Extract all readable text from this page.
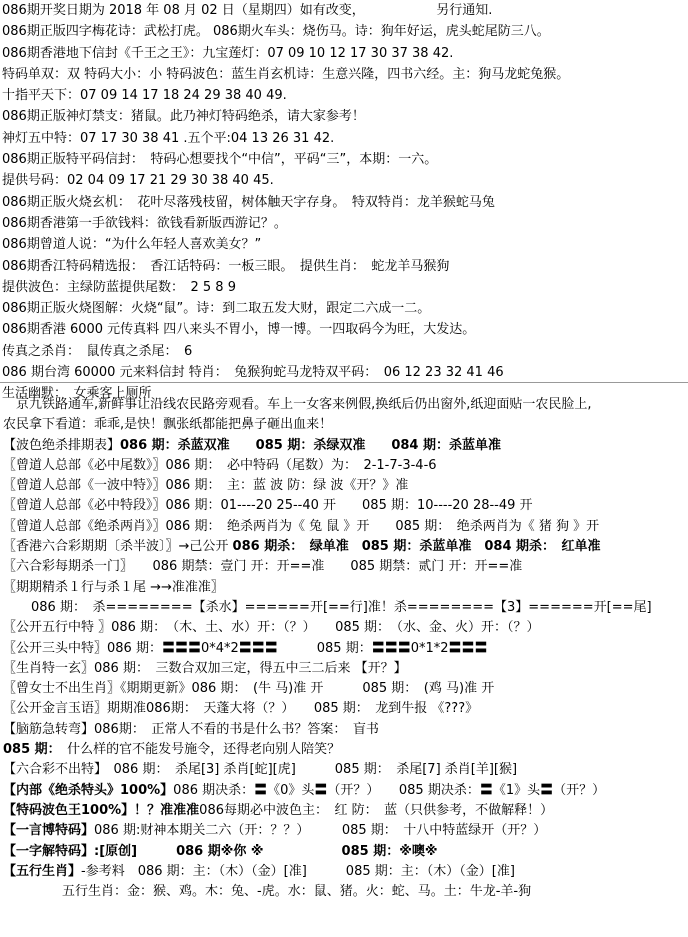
086期开奖日期为 2018 年 08 月 02 日（星期四）如有改变，　　　　　　另行通知.
086期正版四字梅花诗：武松打虎。 086期火车头：烧伤马。诗：狗年好运，虎头蛇尾防三八。
086期香港地下信封《千王之王》：九宝莲灯：07 09 10 12 17 30 37 38 42.
特码单双：双 特码大小：小 特码波色：蓝生肖玄机诗：生意兴隆，四书六经。主：狗马龙蛇兔猴。
十指平天下：07 09 14 17 18 24 29 38 40 49.
086期正版神灯禁支：猪鼠。此乃神灯特码绝杀，请大家参考！
神灯五中特：07 17 30 38 41 .五个平:04 13 26 31 42.
086期正版特平码信封：　特码心想要找个“中信”，平码“三”，本期：一六。
提供号码：02 04 09 17 21 29 30 38 40 45.
086期正版火烧玄机：　花叶尽落残枝留，树体触天字存身。　特双特肖：龙羊猴蛇马兔
086期香港第一手欲钱料：欲钱看新版西游记？。
086期曾道人说：“为什么年轻人喜欢美女？”
086期香江特码精选报：　香江话特码：一板三眼。　提供生肖：　蛇龙羊马猴狗
提供波色：主绿防蓝提供尾数：　2 5 8 9
086期正版火烧图解：火烧“鼠”。诗：到二取五发大财，跟定二六成一二。
086期香港 6000 元传真料 四八来头不胃小，博一博。一四取码今为旺，大发达。
传真之杀肖：　鼠传真之杀尾：　6
086 期台湾 60000 元来料信封 特肖：　兔猴狗蛇马龙特双平码：　06 12 23 32 41 46
生活幽默：　女乘客上厕所
　京九铁路通车,新鲜事让沿线农民路旁观看。车上一女客来例假,换纸后仍出窗外,纸迎面贴一农民脸上,
农民拿下看道：乖乖,是快！飘张纸都能把鼻子砸出血来！
【波色绝杀排期表】086 期：杀蓝双准　　085 期：杀绿双准　　084 期：杀蓝单准
〖曾道人总部《必中尾数》〗086 期：　必中特码（尾数）为：　2-1-7-3-4-6
〖曾道人总部《一波中特》〗086 期：　主：蓝 波 防：绿 波《开？》准
〖曾道人总部《必中特段》〗086 期：01----20 25--40 开　　085 期：10----20 28--49 开
〖曾道人总部《绝杀两肖》〗086 期：　绝杀两肖为《 兔 鼠 》开　　085 期：　绝杀两肖为《 猪 狗 》开
〖香港六合彩期期〔杀半波〕〗→己公开 086 期杀：　绿单准　085 期：杀蓝单准　084 期杀：　红单准
〖六合彩每期杀一门〗　　086 期禁：壹门 开：开==准　　085 期禁：贰门 开：开==准
〖期期精杀１行与杀１尾 →→准准准〗
　086 期：　杀========【杀水】======开[==行]准！杀========【3】======开[==尾]
〖公开五行中特 〗086 期：　（木、土、水）开：（？）　　085 期：　（水、金、火）开：（？）
〖公开三头中特〗086 期：〓〓〓0*4*2〓〓〓　　　085 期：〓〓〓0*1*2〓〓〓
〖生肖特一玄〗086 期：　三数合双加三定，得五中三二后来 【开？】
〖曾女士不出生肖〗《期期更新》086 期：　(牛 马)准 开　　　085 期：　(鸡 马)准 开
〖公开金言玉语〗期期准086期：　天蓬大将（？）　　085 期：　龙到牛报 《???》
【脑筋急转弯】086期：　正常人不看的书是什么书？答案：　盲书
085 期：　什么样的官不能发号施令，还得老向别人陪笑？
【六合彩不出特】　086 期：　杀尾[3] 杀肖[蛇][虎]　　　085 期：　杀尾[7] 杀肖[羊][猴]
【内部《绝杀特头》100%】086 期决杀：〓《0》头〓（开？）　　085 期决杀：〓《1》头〓（开？）
【特码波色王100%】！？准准准086每期必中波色主：　红 防：　蓝（只供参考，不做解释！）
【一言博特码】086 期:财神本期关二六（开：？？）　　　085 期：　十八中特蓝绿开（开？）
【一字解特码】:[原创]　　　086 期※你 ※　　　　　　085 期：※噢※
【五行生肖】-参考料　086 期：主：（木）（金）[准]　　　085 期：主：（木）（金）[准]
五行生肖：金：猴、鸡。木：兔、-虎。水：鼠、猪。火：蛇、马。土：牛龙-羊-狗
